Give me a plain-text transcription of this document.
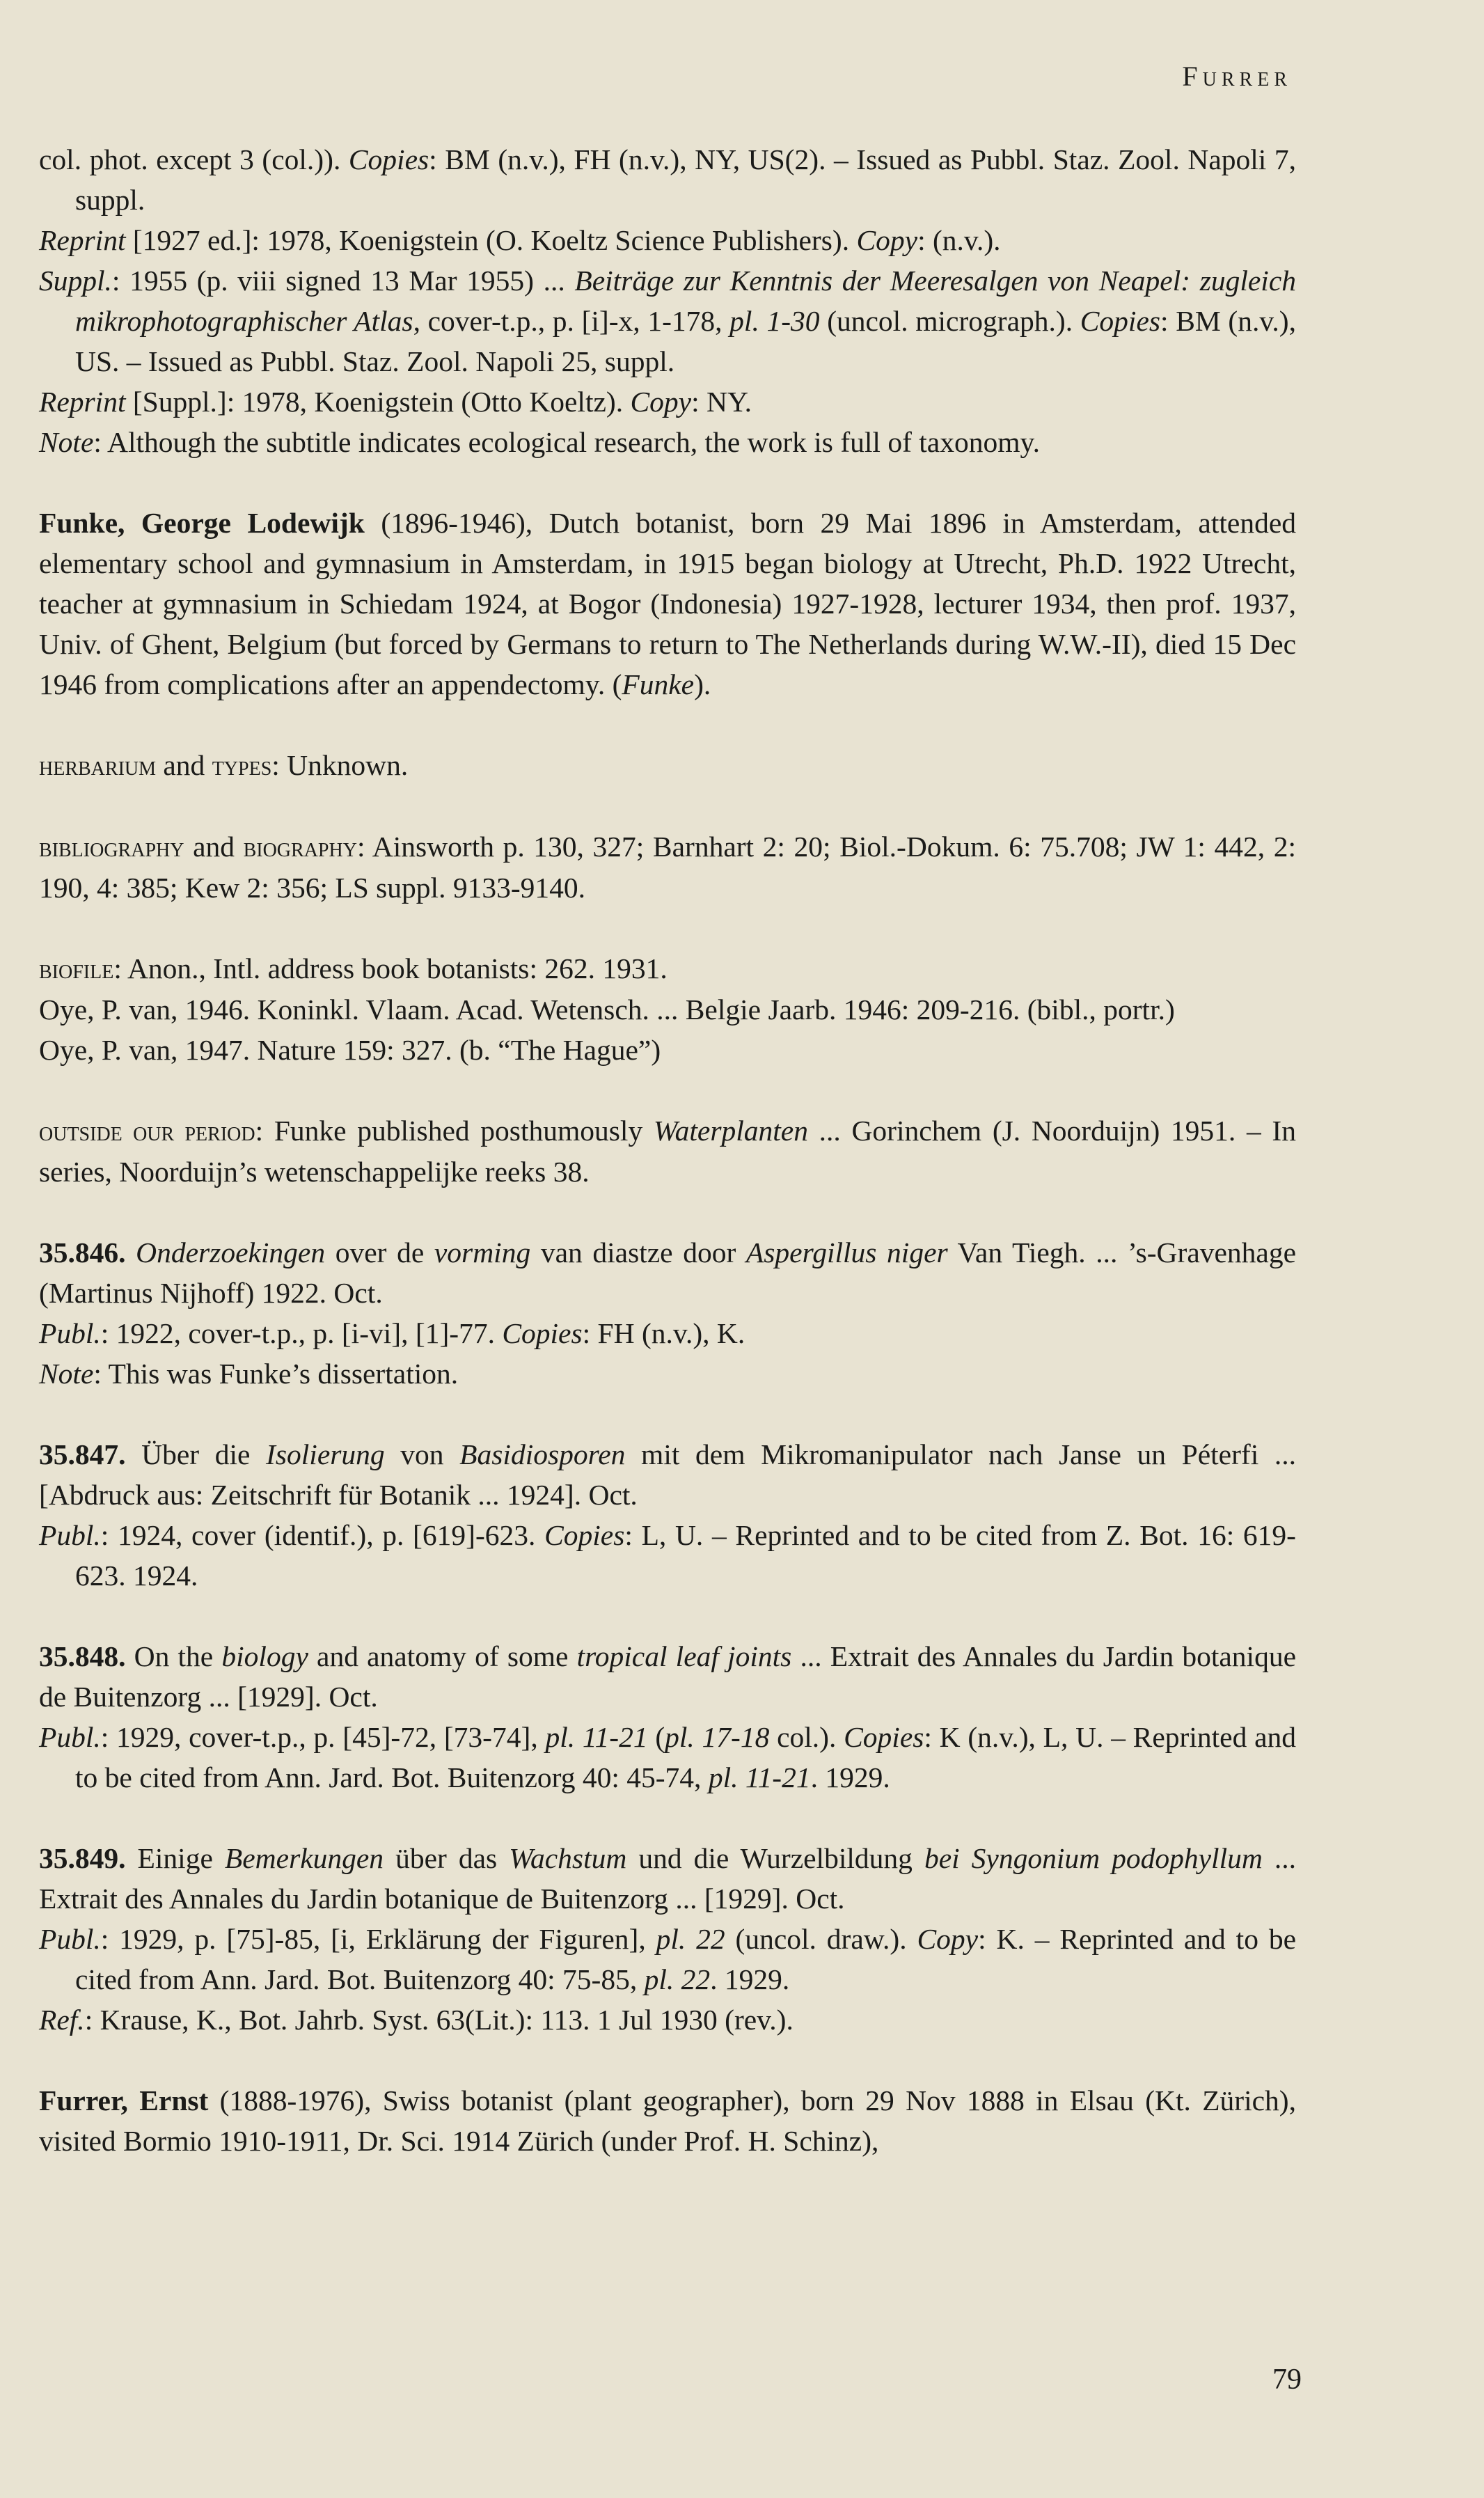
Furrer

col. phot. except 3 (col.)). Copies: BM (n.v.), FH (n.v.), NY, US(2). – Issued as Pubbl. Staz. Zool. Napoli 7, suppl.

Reprint [1927 ed.]: 1978, Koenigstein (O. Koeltz Science Publishers). Copy: (n.v.).

Suppl.: 1955 (p. viii signed 13 Mar 1955) ... Beiträge zur Kenntnis der Meeresalgen von Neapel: zugleich mikrophotographischer Atlas, cover-t.p., p. [i]-x, 1-178, pl. 1-30 (uncol. micrograph.). Copies: BM (n.v.), US. – Issued as Pubbl. Staz. Zool. Napoli 25, suppl.

Reprint [Suppl.]: 1978, Koenigstein (Otto Koeltz). Copy: NY.

Note: Although the subtitle indicates ecological research, the work is full of taxonomy.

Funke, George Lodewijk (1896-1946), Dutch botanist, born 29 Mai 1896 in Amsterdam, attended elementary school and gymnasium in Amsterdam, in 1915 began biology at Utrecht, Ph.D. 1922 Utrecht, teacher at gymnasium in Schiedam 1924, at Bogor (Indonesia) 1927-1928, lecturer 1934, then prof. 1937, Univ. of Ghent, Belgium (but forced by Germans to return to The Netherlands during W.W.-II), died 15 Dec 1946 from complications after an appendectomy. (Funke).

herbarium and types: Unknown.

bibliography and biography: Ainsworth p. 130, 327; Barnhart 2: 20; Biol.-Dokum. 6: 75.708; JW 1: 442, 2: 190, 4: 385; Kew 2: 356; LS suppl. 9133-9140.

biofile: Anon., Intl. address book botanists: 262. 1931.

Oye, P. van, 1946. Koninkl. Vlaam. Acad. Wetensch. ... Belgie Jaarb. 1946: 209-216. (bibl., portr.)

Oye, P. van, 1947. Nature 159: 327. (b. “The Hague”)

outside our period: Funke published posthumously Waterplanten ... Gorinchem (J. Noorduijn) 1951. – In series, Noorduijn’s wetenschappelijke reeks 38.

35.846. Onderzoekingen over de vorming van diastze door Aspergillus niger Van Tiegh. ... ’s-Gravenhage (Martinus Nijhoff) 1922. Oct.

Publ.: 1922, cover-t.p., p. [i-vi], [1]-77. Copies: FH (n.v.), K.

Note: This was Funke’s dissertation.

35.847. Über die Isolierung von Basidiosporen mit dem Mikromanipulator nach Janse un Péterfi ... [Abdruck aus: Zeitschrift für Botanik ... 1924]. Oct.

Publ.: 1924, cover (identif.), p. [619]-623. Copies: L, U. – Reprinted and to be cited from Z. Bot. 16: 619-623. 1924.

35.848. On the biology and anatomy of some tropical leaf joints ... Extrait des Annales du Jardin botanique de Buitenzorg ... [1929]. Oct.

Publ.: 1929, cover-t.p., p. [45]-72, [73-74], pl. 11-21 (pl. 17-18 col.). Copies: K (n.v.), L, U. – Reprinted and to be cited from Ann. Jard. Bot. Buitenzorg 40: 45-74, pl. 11-21. 1929.

35.849. Einige Bemerkungen über das Wachstum und die Wurzelbildung bei Syngonium podophyllum ... Extrait des Annales du Jardin botanique de Buitenzorg ... [1929]. Oct.

Publ.: 1929, p. [75]-85, [i, Erklärung der Figuren], pl. 22 (uncol. draw.). Copy: K. – Reprinted and to be cited from Ann. Jard. Bot. Buitenzorg 40: 75-85, pl. 22. 1929.

Ref.: Krause, K., Bot. Jahrb. Syst. 63(Lit.): 113. 1 Jul 1930 (rev.).

Furrer, Ernst (1888-1976), Swiss botanist (plant geographer), born 29 Nov 1888 in Elsau (Kt. Zürich), visited Bormio 1910-1911, Dr. Sci. 1914 Zürich (under Prof. H. Schinz),

79
